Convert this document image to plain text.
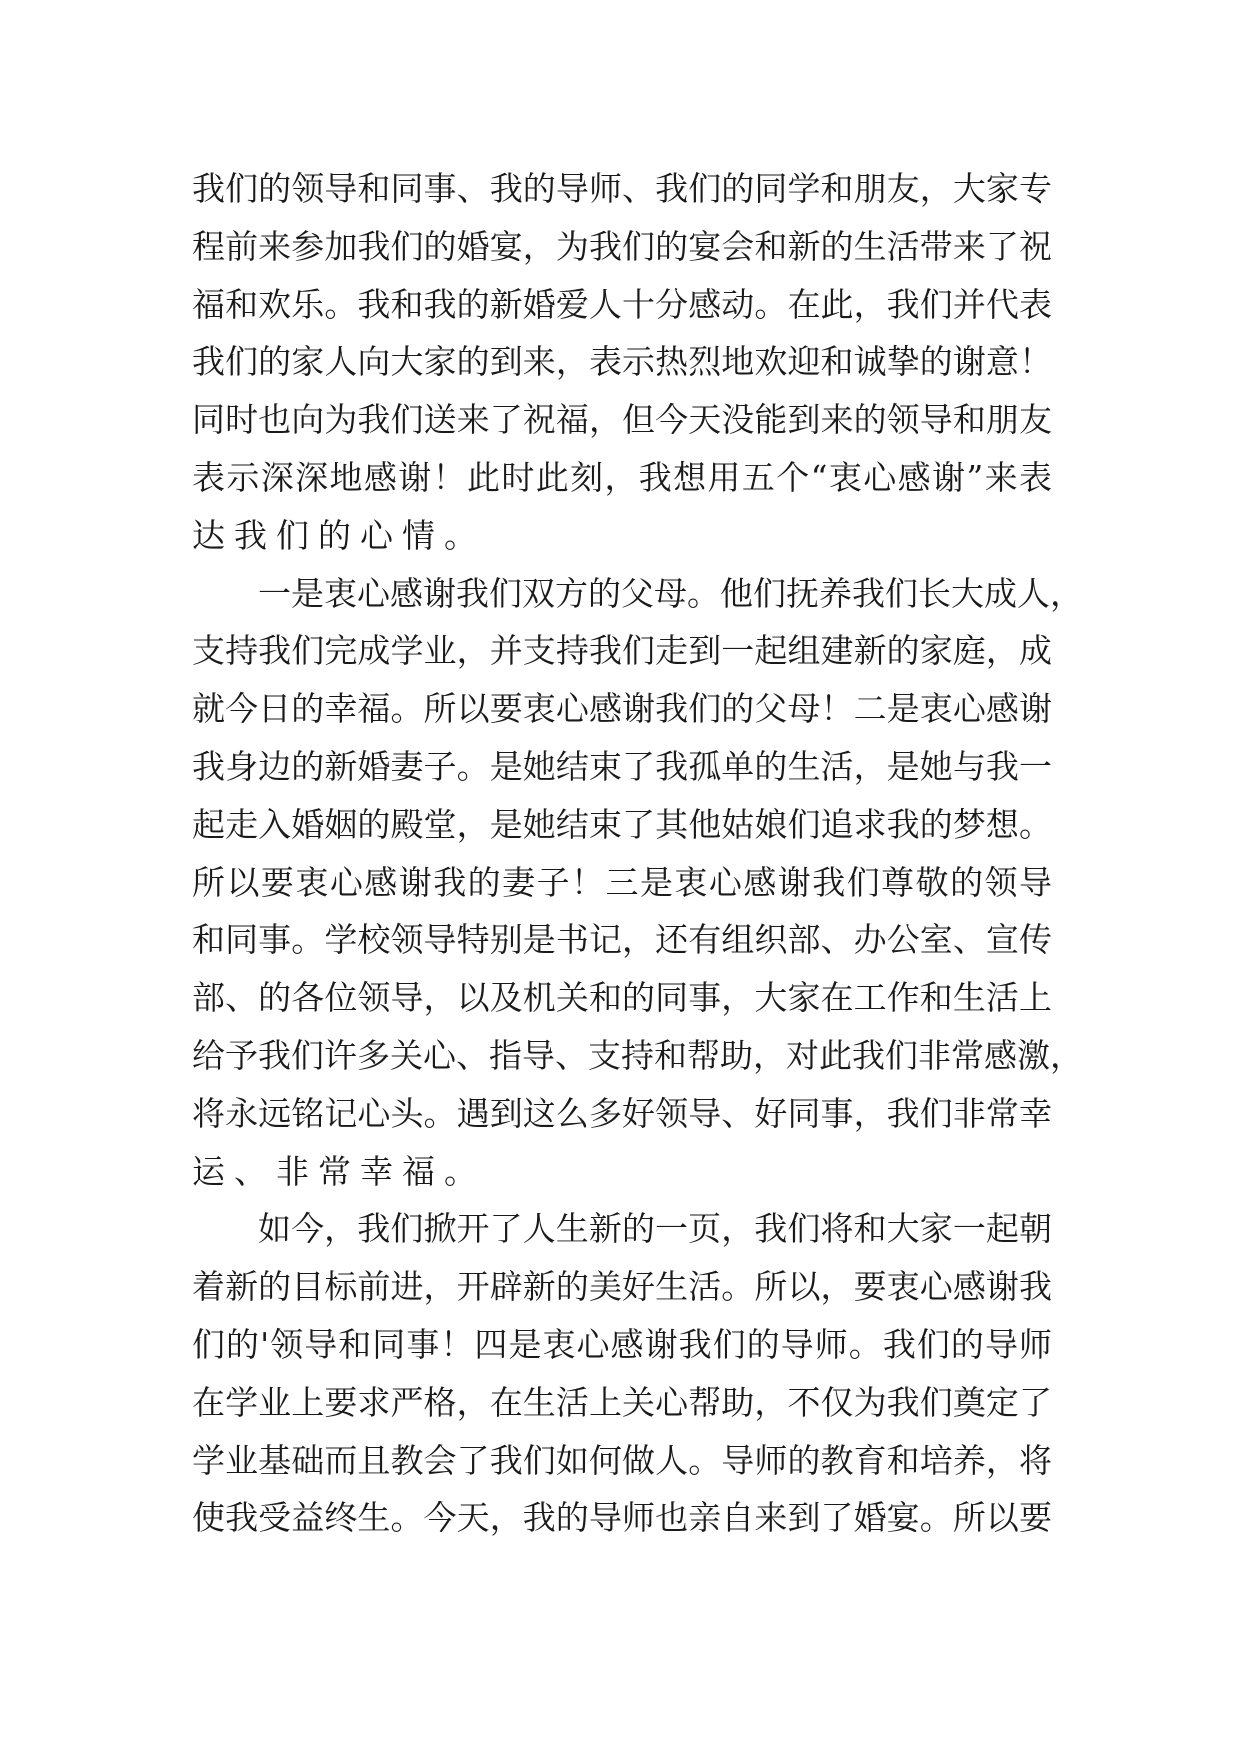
我们的领导和同事、我的导师、我们的同学和朋友，大家专
程前来参加我们的婚宴，为我们的宴会和新的生活带来了祝
福和欢乐。我和我的新婚爱人十分感动。在此，我们并代表
我们的家人向大家的到来，表示热烈地欢迎和诚挚的谢意！
同时也向为我们送来了祝福，但今天没能到来的领导和朋友
表示深深地感谢！此时此刻，我想用五个“衷心感谢”来表
达我们的心情。
一是衷心感谢我们双方的父母。他们抚养我们长大成人，
支持我们完成学业，并支持我们走到一起组建新的家庭，成
就今日的幸福。所以要衷心感谢我们的父母！二是衷心感谢
我身边的新婚妻子。是她结束了我孤单的生活，是她与我一
起走入婚姻的殿堂，是她结束了其他姑娘们追求我的梦想。
所以要衷心感谢我的妻子！三是衷心感谢我们尊敬的领导
和同事。学校领导特别是书记，还有组织部、办公室、宣传
部、的各位领导，以及机关和的同事，大家在工作和生活上
给予我们许多关心、指导、支持和帮助，对此我们非常感激，
将永远铭记心头。遇到这么多好领导、好同事，我们非常幸
运、非常幸福。
如今，我们掀开了人生新的一页，我们将和大家一起朝
着新的目标前进，开辟新的美好生活。所以，要衷心感谢我
们的'领导和同事！四是衷心感谢我们的导师。我们的导师
在学业上要求严格，在生活上关心帮助，不仅为我们奠定了
学业基础而且教会了我们如何做人。导师的教育和培养，将
使我受益终生。今天，我的导师也亲自来到了婚宴。所以要
